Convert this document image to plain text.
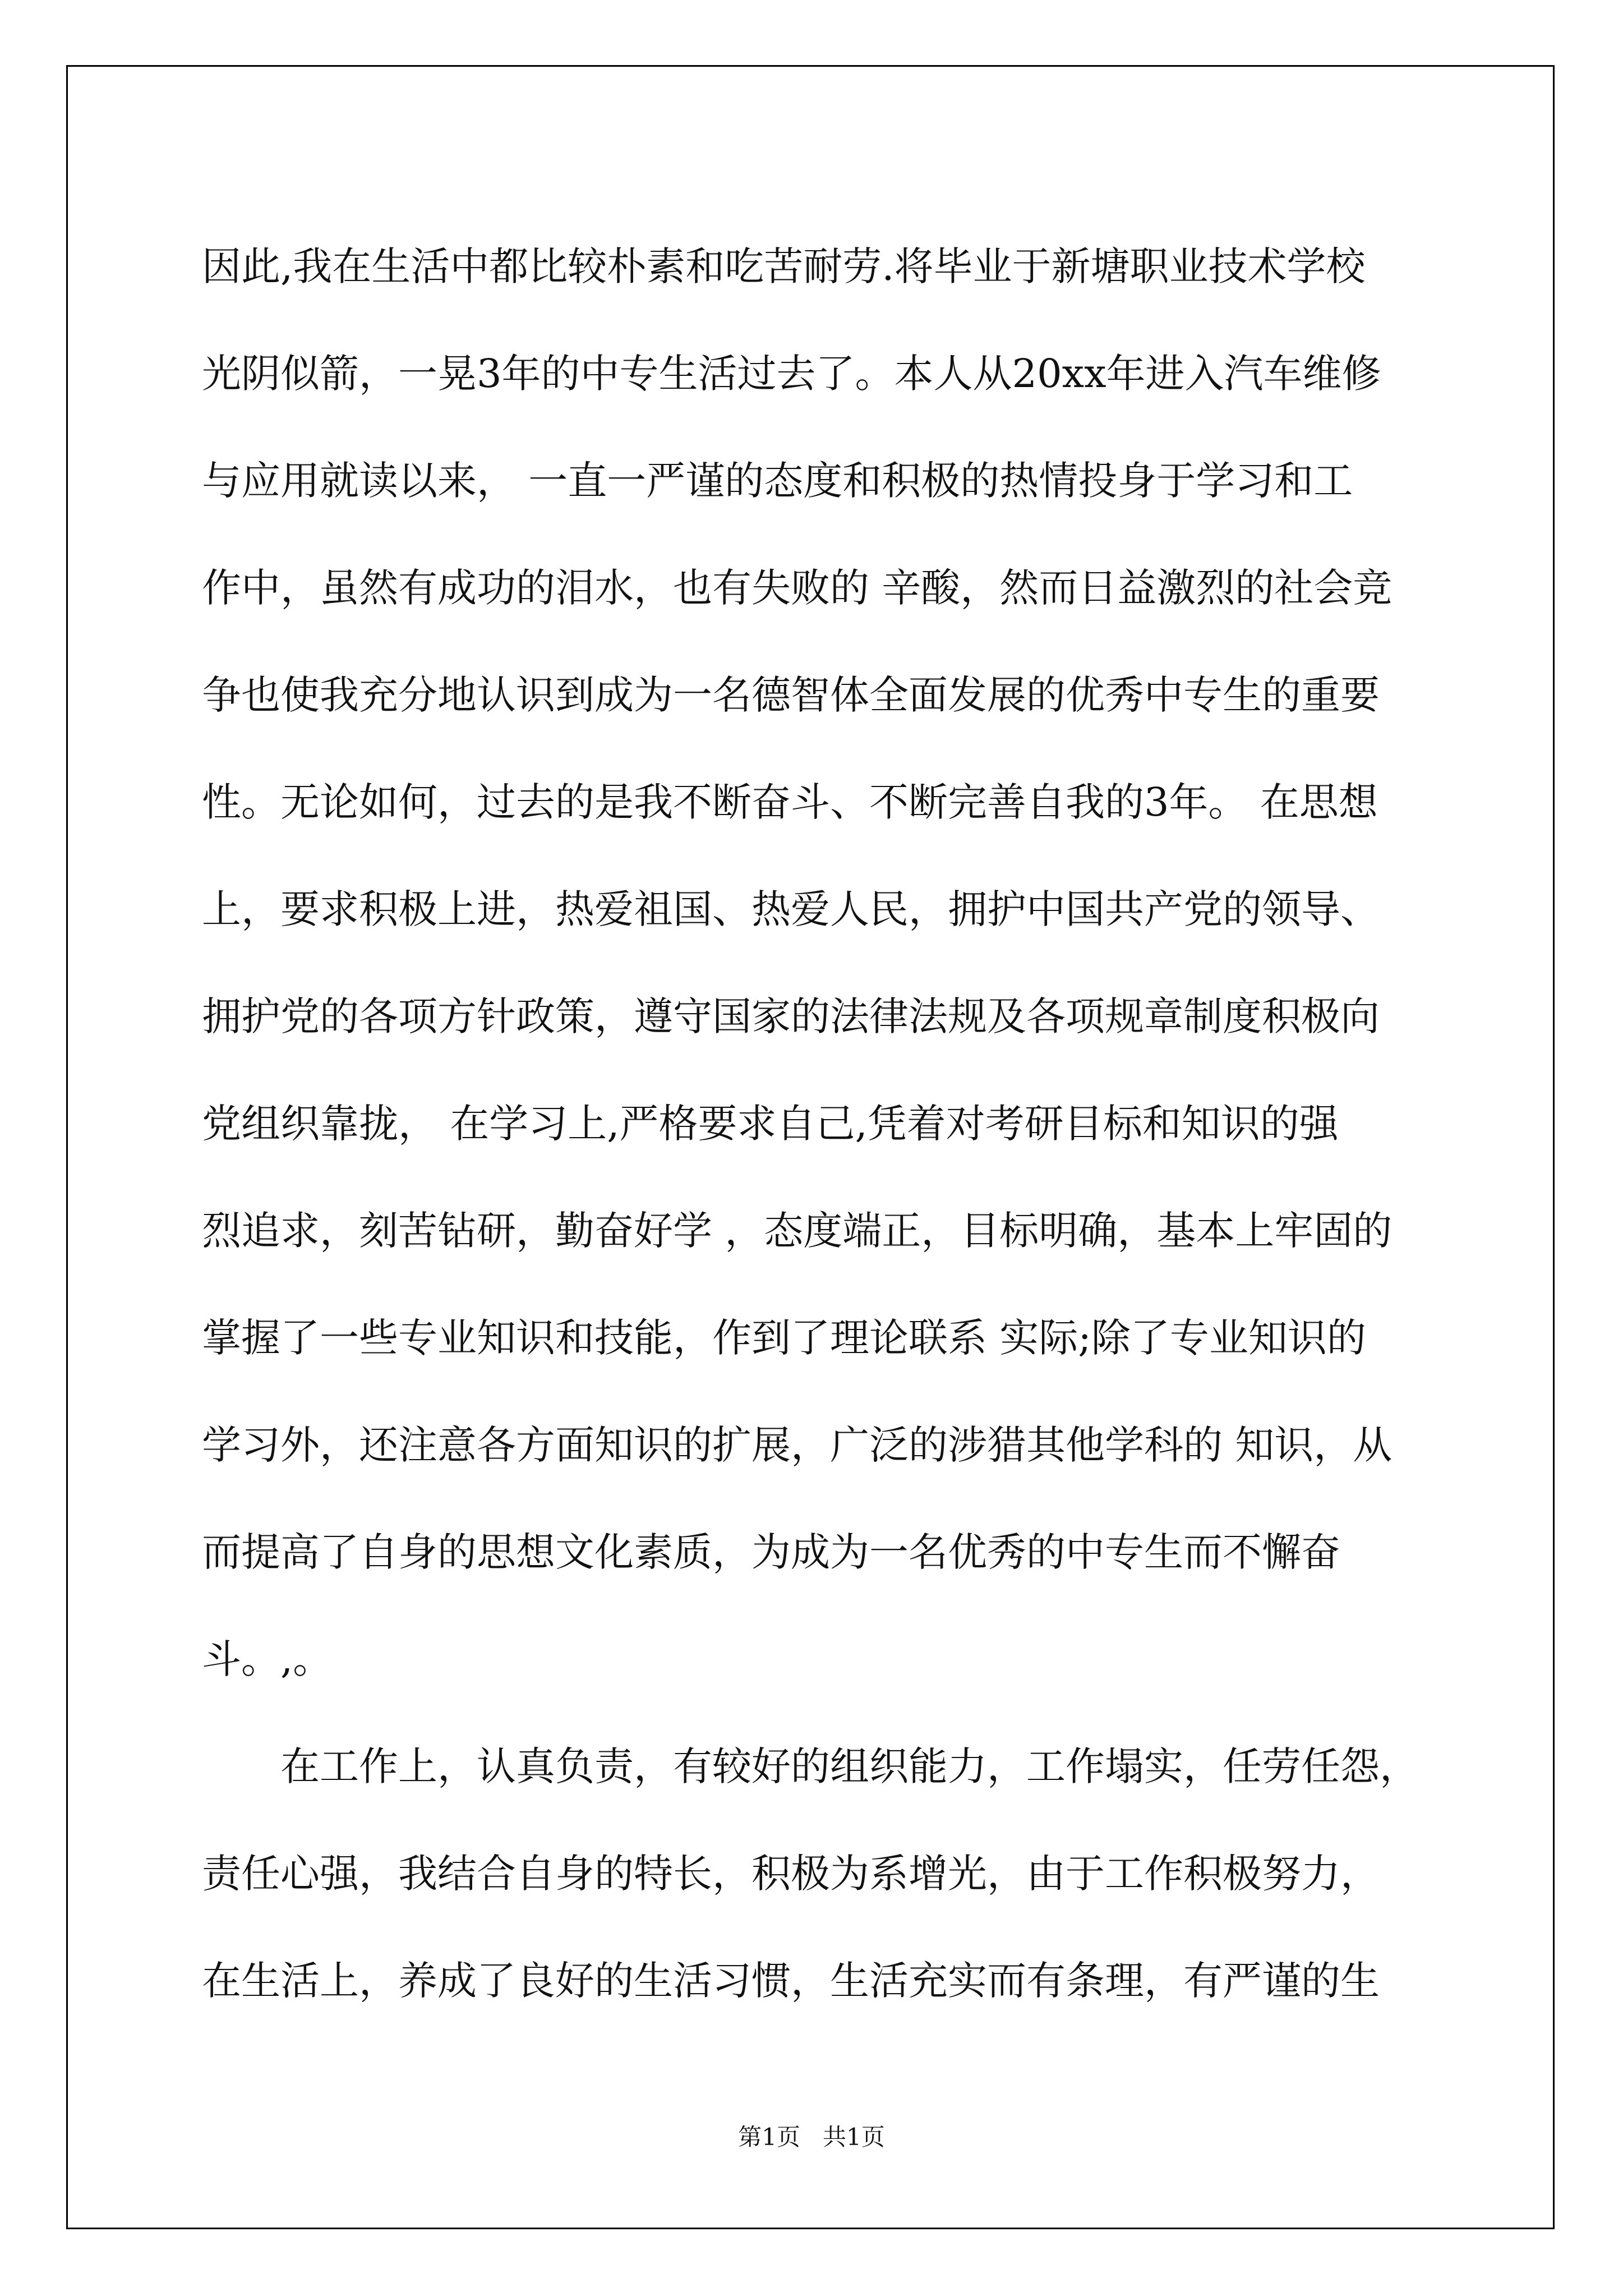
因此,我在生活中都比较朴素和吃苦耐劳.将毕业于新塘职业技术学校
光阴似箭，一晃3年的中专生活过去了。本人从20xx年进入汽车维修
与应用就读以来， 一直一严谨的态度和积极的热情投身于学习和工
作中，虽然有成功的泪水，也有失败的 辛酸，然而日益激烈的社会竞
争也使我充分地认识到成为一名德智体全面发展的优秀中专生的重要
性。无论如何，过去的是我不断奋斗、不断完善自我的3年。 在思想
上，要求积极上进，热爱祖国、热爱人民，拥护中国共产党的领导、
拥护党的各项方针政策，遵守国家的法律法规及各项规章制度积极向
党组织靠拢， 在学习上,严格要求自己,凭着对考研目标和知识的强
烈追求，刻苦钻研，勤奋好学 ，态度端正，目标明确，基本上牢固的
掌握了一些专业知识和技能，作到了理论联系 实际;除了专业知识的
学习外，还注意各方面知识的扩展，广泛的涉猎其他学科的 知识，从
而提高了自身的思想文化素质，为成为一名优秀的中专生而不懈奋
斗。,。
在工作上，认真负责，有较好的组织能力，工作塌实，任劳任怨，
责任心强，我结合自身的特长，积极为系增光，由于工作积极努力，
在生活上，养成了良好的生活习惯，生活充实而有条理，有严谨的生
第1页   共1页
